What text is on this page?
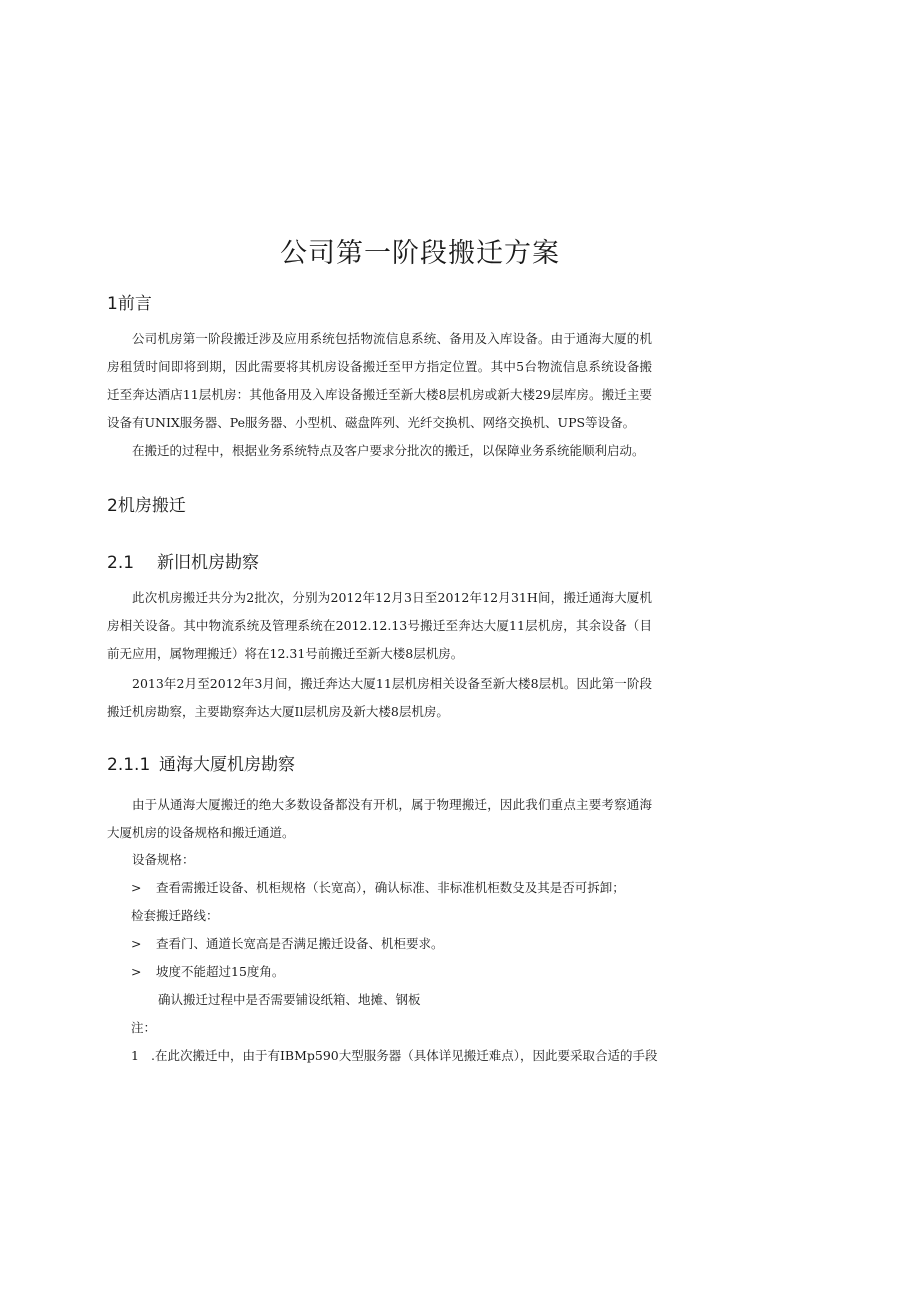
公司第一阶段搬迁方案
1前言
公司机房第一阶段搬迁涉及应用系统包括物流信息系统、备用及入库设备。由于通海大厦的机房租赁时间即将到期，因此需要将其机房设备搬迁至甲方指定位置。其中5台物流信息系统设备搬迁至奔达酒店11层机房：其他备用及入库设备搬迁至新大楼8层机房或新大楼29层库房。搬迁主要设备有UNIX服务器、Pe服务器、小型机、磁盘阵列、光纤交换机、网络交换机、UPS等设备。
在搬迁的过程中，根据业务系统特点及客户要求分批次的搬迁，以保障业务系统能顺利启动。
2机房搬迁
2.1 新旧机房勘察
此次机房搬迁共分为2批次，分别为2012年12月3日至2012年12月31H间，搬迁通海大厦机房相关设备。其中物流系统及管理系统在2012.12.13号搬迁至奔达大厦11层机房，其余设备（目前无应用，属物理搬迁）将在12.31号前搬迁至新大楼8层机房。
2013年2月至2012年3月间，搬迁奔达大厦11层机房相关设备至新大楼8层机。因此第一阶段搬迁机房勘察，主要勘察奔达大厦Il层机房及新大楼8层机房。
2.1.1 通海大厦机房勘察
由于从通海大厦搬迁的绝大多数设备都没有开机，属于物理搬迁，因此我们重点主要考察通海大厦机房的设备规格和搬迁通道。
设备规格：
> 查看需搬迁设备、机柜规格（长宽高），确认标准、非标准机柜数殳及其是否可拆卸；
检套搬迁路线：
> 查看门、通道长宽高是否满足搬迁设备、机柜要求。
> 坡度不能超过15度角。
确认搬迁过程中是否需要铺设纸箱、地摊、钢板
注：
1 .在此次搬迁中，由于有IBMp590大型服务器（具体详见搬迁难点），因此要采取合适的手段
